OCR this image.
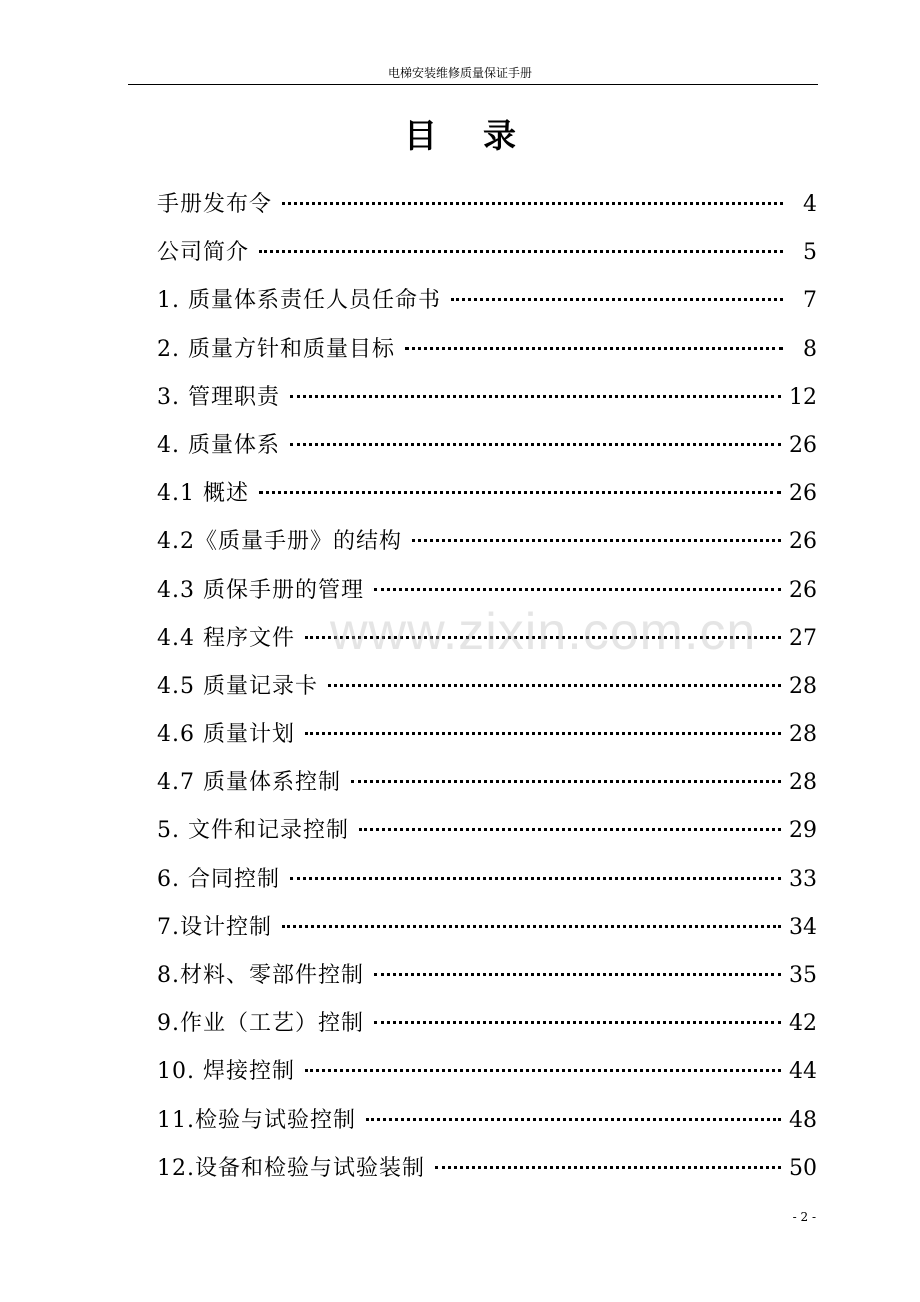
电梯安装维修质量保证手册
目录
手册发布令	4
公司简介	5
1. 质量体系责任人员任命书	7
2. 质量方针和质量目标	8
3. 管理职责	12
4. 质量体系	26
4.1 概述	26
4.2《质量手册》的结构	26
4.3 质保手册的管理	26
4.4 程序文件	27
4.5 质量记录卡	28
4.6 质量计划	28
4.7 质量体系控制	28
5. 文件和记录控制	29
6. 合同控制	33
7.设计控制	34
8.材料、零部件控制	35
9.作业（工艺）控制	42
10. 焊接控制	44
11.检验与试验控制	48
12.设备和检验与试验装制	50
www.zixin.com.cn
- 2 -
